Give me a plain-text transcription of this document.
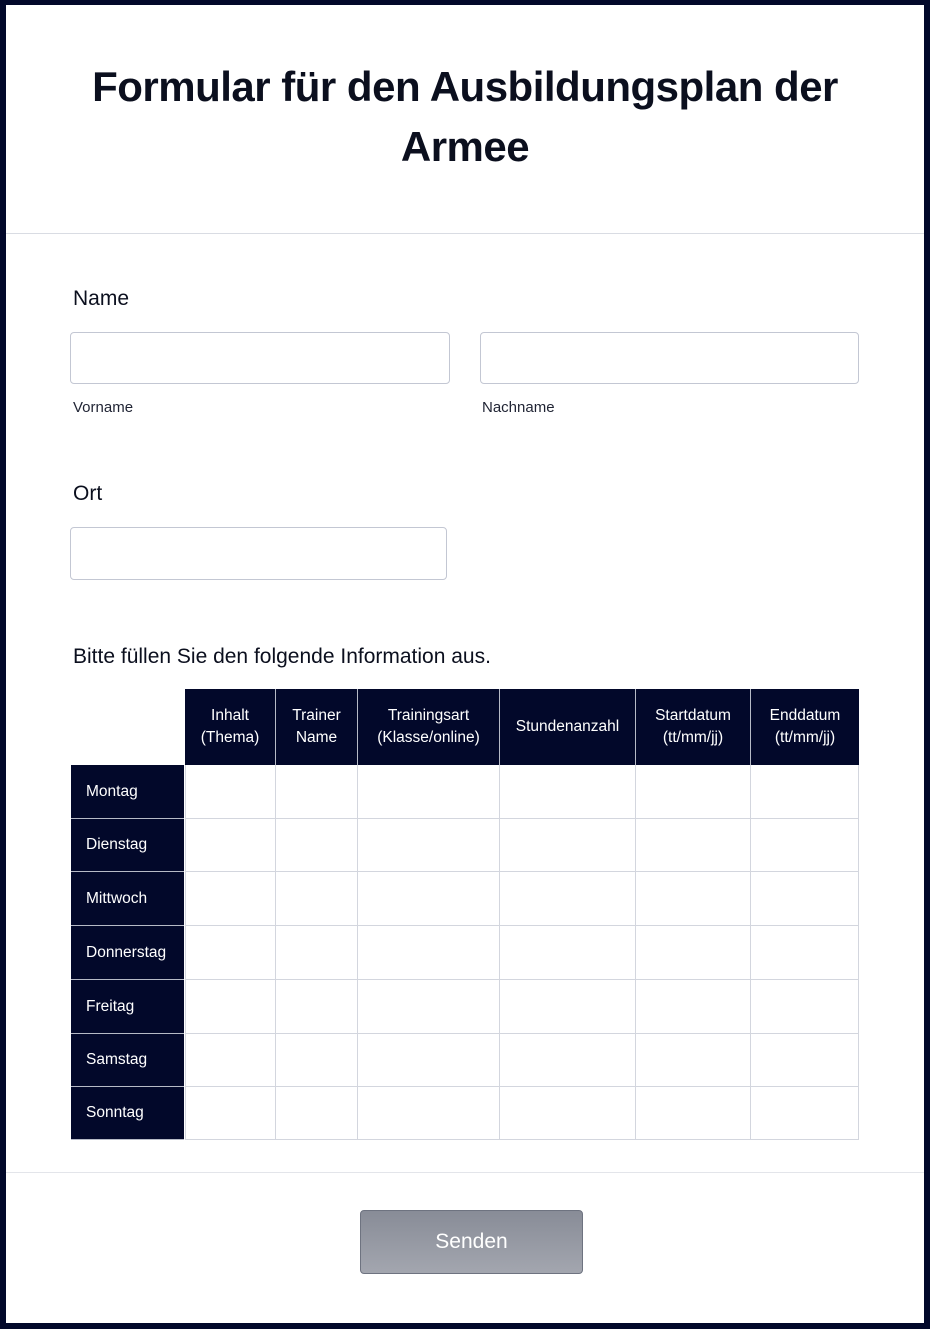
Formular für den Ausbildungsplan der Armee
Name
Vorname	Nachname
Ort
Bitte füllen Sie den folgende Information aus.
Inhalt
(Thema)
Trainer
Name
Trainingsart
(Klasse/online)
Stundenanzahl
Startdatum
(tt/mm/jj)
Enddatum
(tt/mm/jj)
Montag
Dienstag
Mittwoch
Donnerstag
Freitag
Samstag
Sonntag
Senden
